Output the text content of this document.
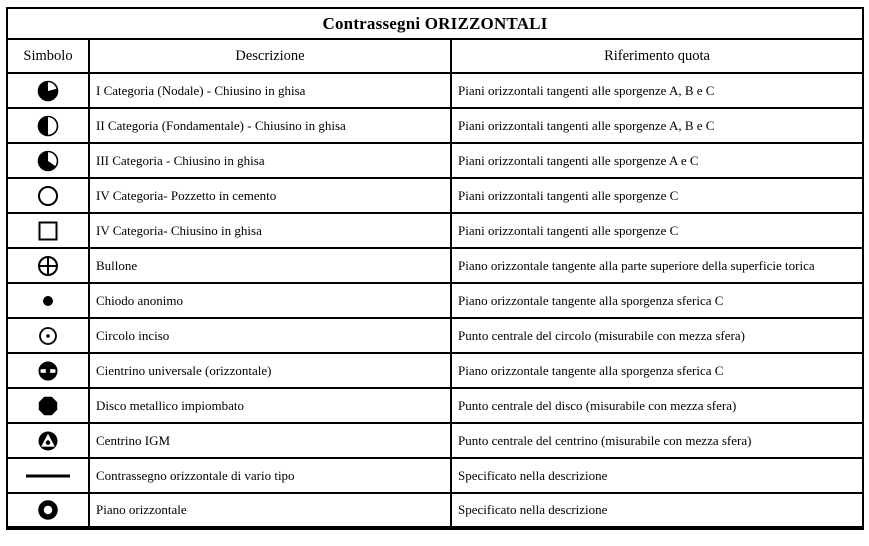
Contrassegni ORIZZONTALI		
Simbolo	Descrizione	Riferimento quota

	I Categoria (Nodale) - Chiusino in ghisa	Piani orizzontali tangenti alle sporgenze A, B e C

	II Categoria (Fondamentale) - Chiusino in ghisa	Piani orizzontali tangenti alle sporgenze A, B e C

	III Categoria - Chiusino in ghisa	Piani orizzontali tangenti alle sporgenze A e C

	IV Categoria- Pozzetto in cemento	Piani orizzontali tangenti alle sporgenze C

	IV Categoria- Chiusino in ghisa	Piani orizzontali tangenti alle sporgenze C

	Bullone	Piano orizzontale tangente alla parte superiore della superficie torica

	Chiodo anonimo	Piano orizzontale tangente alla sporgenza sferica C

	Circolo inciso	Punto centrale del circolo (misurabile con mezza sfera)

	Cientrino universale (orizzontale)	Piano orizzontale tangente alla sporgenza sferica C

	Disco metallico impiombato	Punto centrale del disco (misurabile con mezza sfera)

	Centrino IGM	Punto centrale del centrino (misurabile con mezza sfera)

	Contrassegno orizzontale di vario tipo	Specificato nella descrizione

	Piano orizzontale	Specificato nella descrizione
